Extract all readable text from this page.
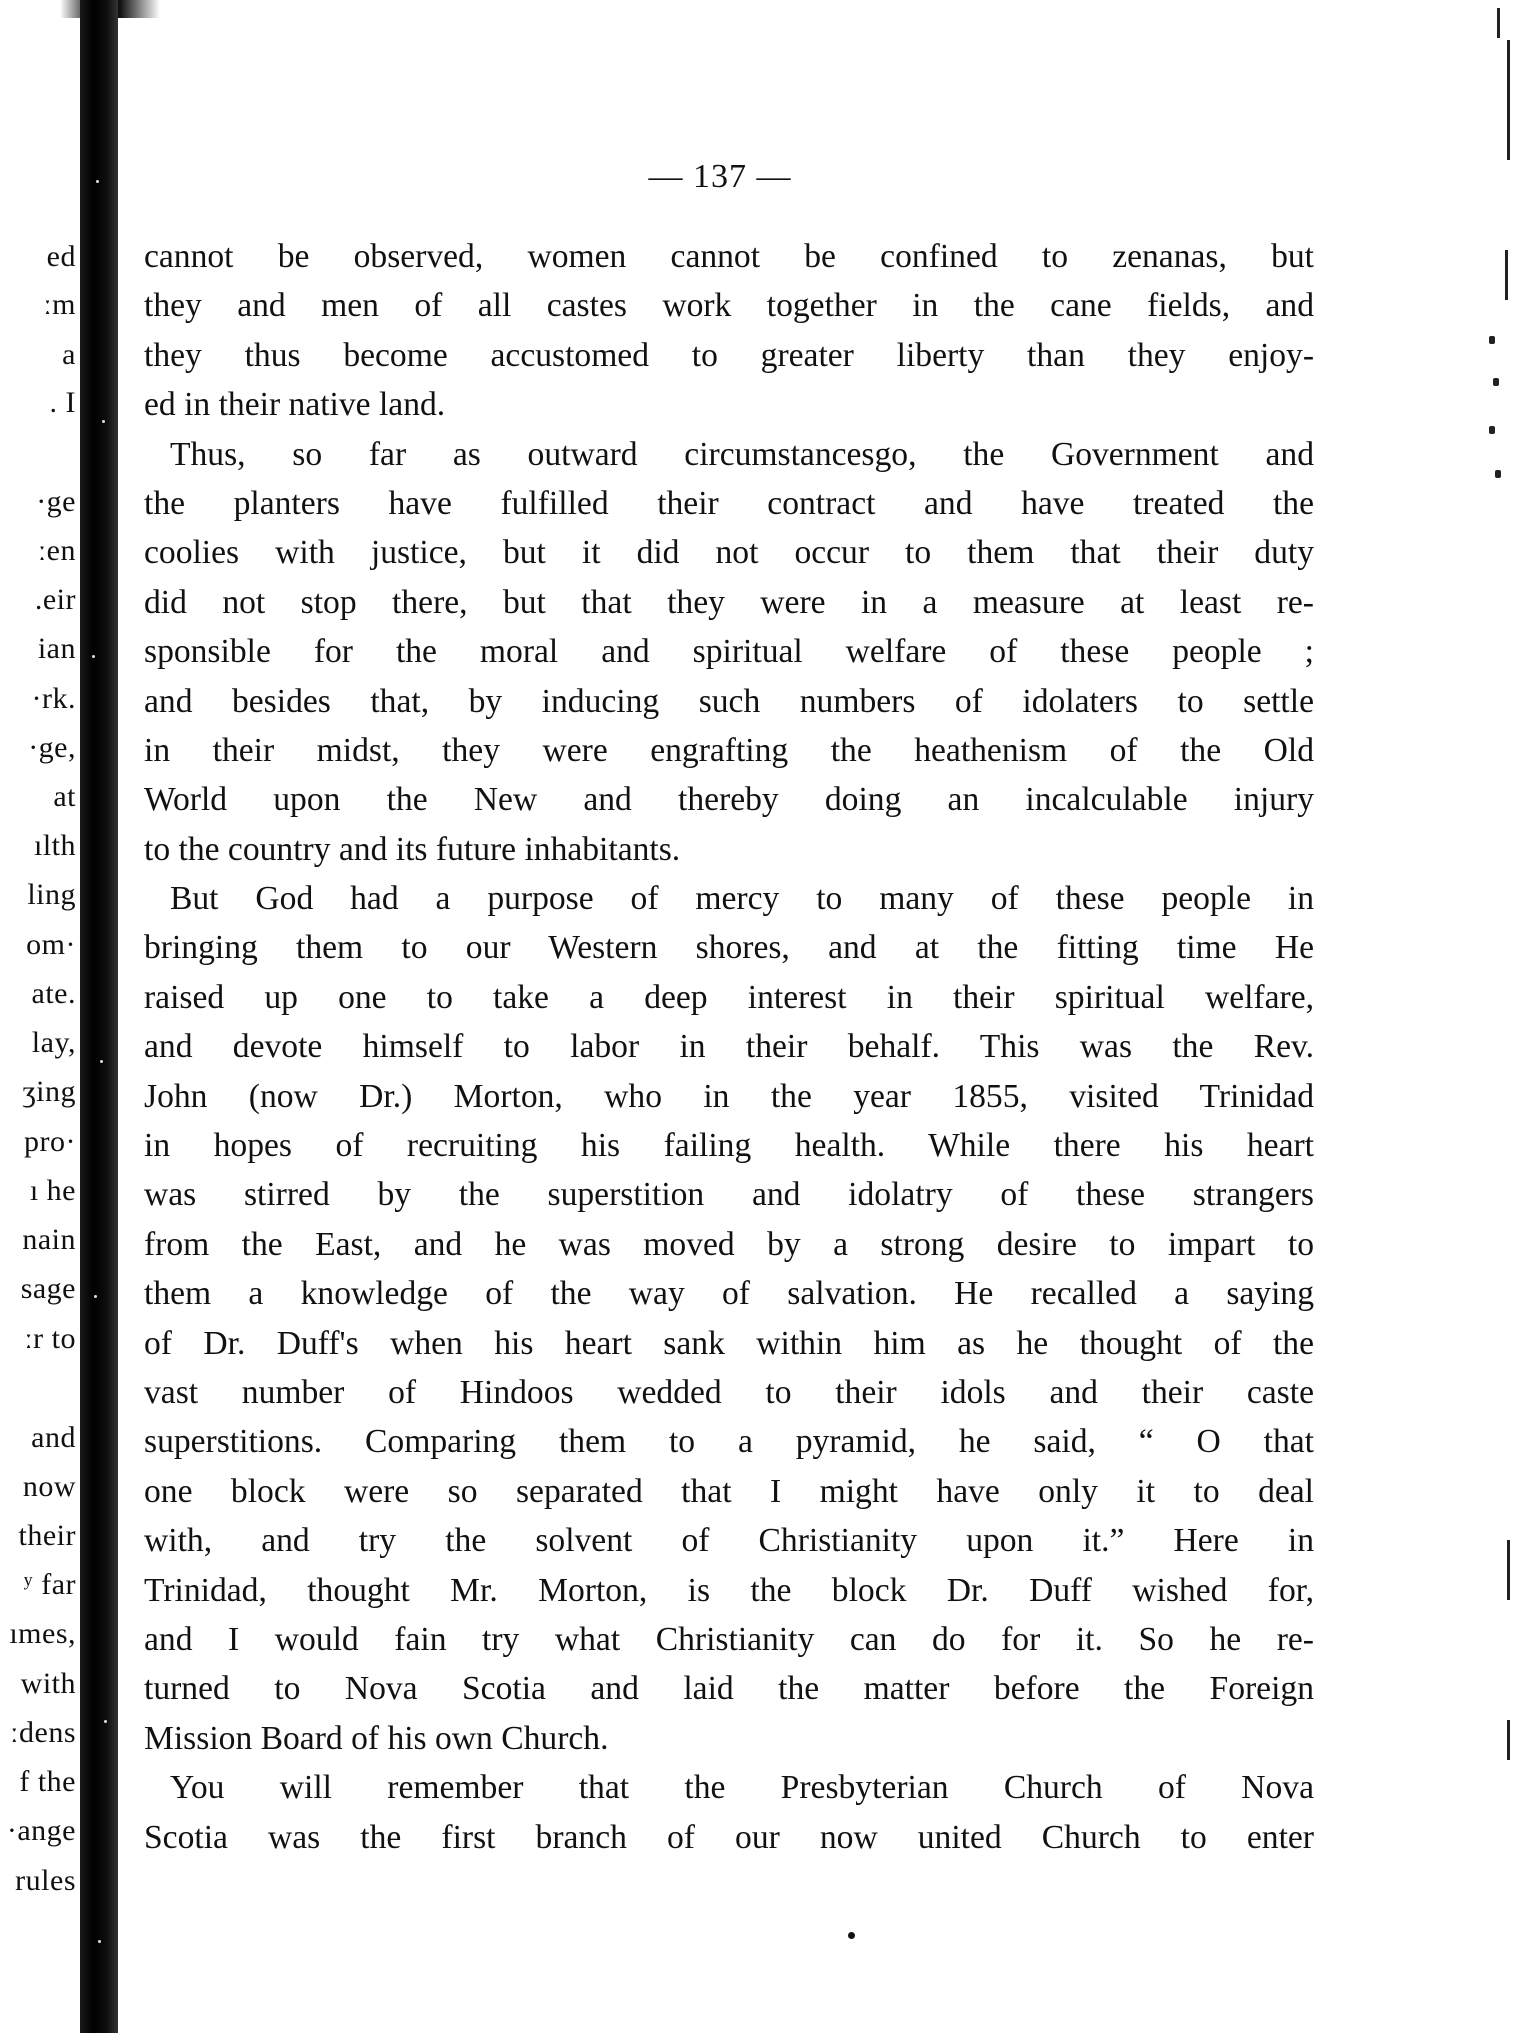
ed
ːm
a
. I
·ge
ːen
.eir
ian
·rk.
·ge,
at
ılth
ling
om·
ate.
lay,
ʒing
pro·
ı he
nain
sage
ːr to
and
now
their
ʸ far
ımes,
with
ːdens
f the
·ange
rules
— 137 —
cannot be observed, women cannot be confined to zenanas, but
they and men of all castes work together in the cane fields, and
they thus become accustomed to greater liberty than they enjoy-
ed in their native land.
Thus, so far as outward circumstancesgo, the Government and
the planters have fulfilled their contract and have treated the
coolies with justice, but it did not occur to them that their duty
did not stop there, but that they were in a measure at least re-
sponsible for the moral and spiritual welfare of these people ;
and besides that, by inducing such numbers of idolaters to settle
in their midst, they were engrafting the heathenism of the Old
World upon the New and thereby doing an incalculable injury
to the country and its future inhabitants.
But God had a purpose of mercy to many of these people in
bringing them to our Western shores, and at the fitting time He
raised up one to take a deep interest in their spiritual welfare,
and devote himself to labor in their behalf. This was the Rev.
John (now Dr.) Morton, who in the year 1855, visited Trinidad
in hopes of recruiting his failing health. While there his heart
was stirred by the superstition and idolatry of these strangers
from the East, and he was moved by a strong desire to impart to
them a knowledge of the way of salvation. He recalled a saying
of Dr. Duff's when his heart sank within him as he thought of the
vast number of Hindoos wedded to their idols and their caste
superstitions. Comparing them to a pyramid, he said, “ O that
one block were so separated that I might have only it to deal
with, and try the solvent of Christianity upon it.” Here in
Trinidad, thought Mr. Morton, is the block Dr. Duff wished for,
and I would fain try what Christianity can do for it. So he re-
turned to Nova Scotia and laid the matter before the Foreign
Mission Board of his own Church.
You will remember that the Presbyterian Church of Nova
Scotia was the first branch of our now united Church to enter
